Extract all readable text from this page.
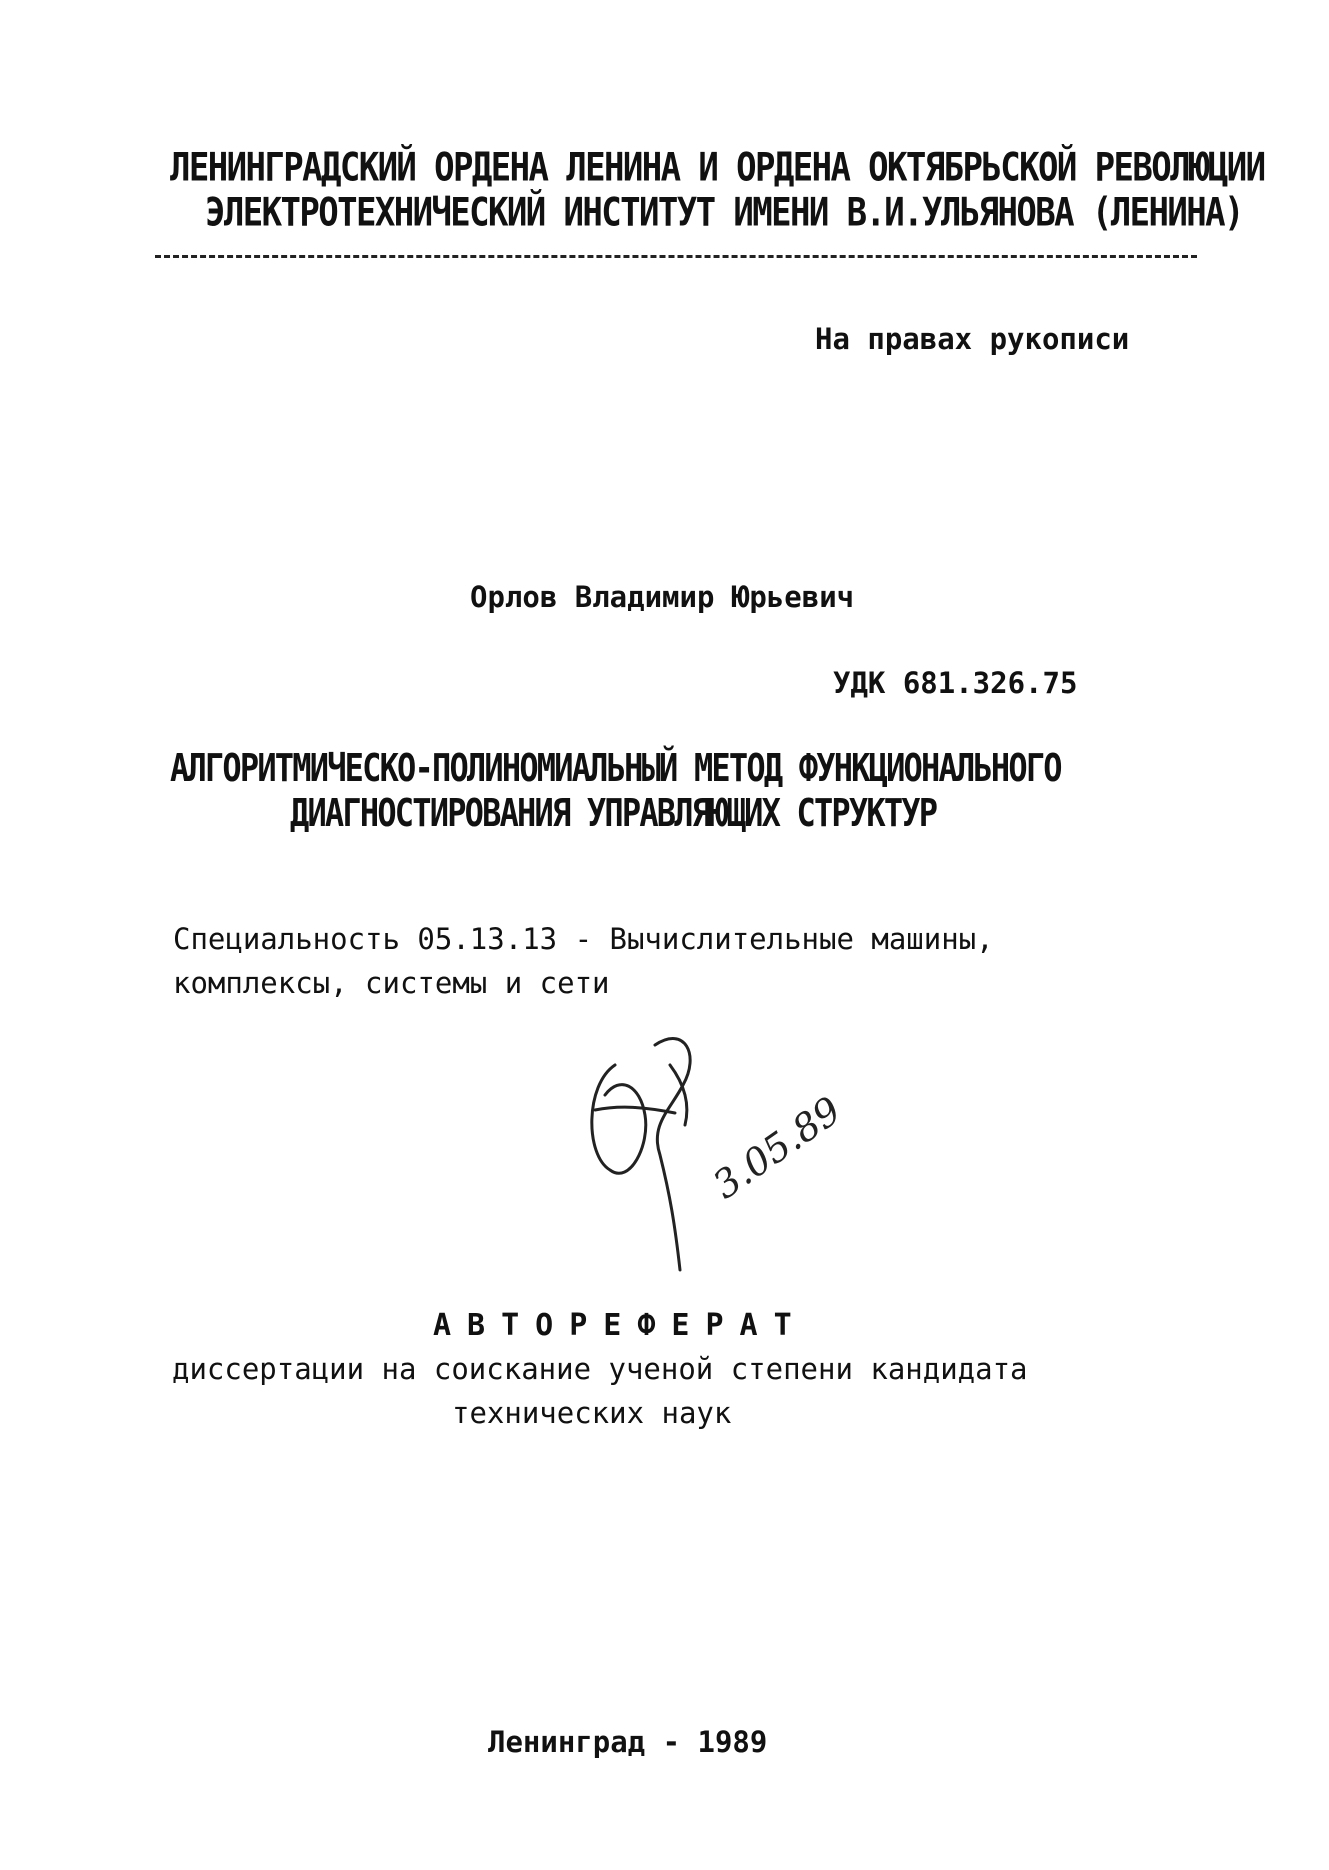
ЛЕНИНГРАДСКИЙ ОРДЕНА ЛЕНИНА И ОРДЕНА ОКТЯБРЬСКОЙ РЕВОЛЮЦИИ
ЭЛЕКТРОТЕХНИЧЕСКИЙ ИНСТИТУТ ИМЕНИ В.И.УЛЬЯНОВА (ЛЕНИНА)
На правах рукописи
Орлов Владимир Юрьевич
УДК 681.326.75
АЛГОРИТМИЧЕСКО-ПОЛИНОМИАЛЬНЫЙ МЕТОД ФУНКЦИОНАЛЬНОГО
ДИАГНОСТИРОВАНИЯ УПРАВЛЯЮЩИХ СТРУКТУР
Специальность 05.13.13 - Вычислительные машины,
комплексы, системы и сети
3.05.89
АВТОРЕФЕРАТ
диссертации на соискание ученой степени кандидата
технических наук
Ленинград - 1989
